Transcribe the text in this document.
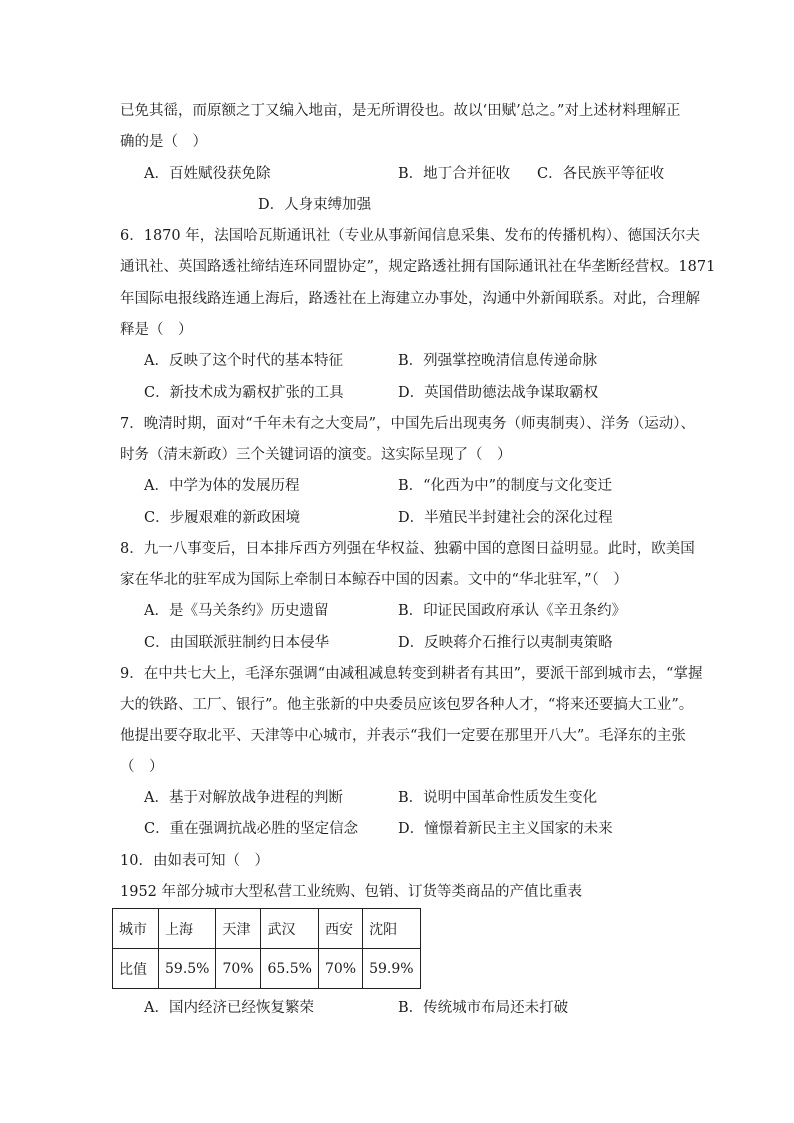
已免其徭，而原额之丁又编入地亩，是无所谓役也。故以‘田赋’总之。”对上述材料理解正
确的是（　）
A．百姓赋役获免除	B．地丁合并征收 C．各民族平等征收
D．人身束缚加强
6．1870 年，法国哈瓦斯通讯社（专业从事新闻信息采集、发布的传播机构）、德国沃尔夫
通讯社、英国路透社缔结连环同盟协定”，规定路透社拥有国际通讯社在华垄断经营权。1871
年国际电报线路连通上海后，路透社在上海建立办事处，沟通中外新闻联系。对此，合理解
释是（　）
A．反映了这个时代的基本特征	B．列强掌控晚清信息传递命脉
C．新技术成为霸权扩张的工具	D．英国借助德法战争谋取霸权
7．晚清时期，面对“千年未有之大变局”，中国先后出现夷务（师夷制夷）、洋务（运动）、
时务（清末新政）三个关键词语的演变。这实际呈现了（　）
A．中学为体的发展历程	B．“化西为中”的制度与文化变迁
C．步履艰难的新政困境	D．半殖民半封建社会的深化过程
8．九一八事变后，日本排斥西方列强在华权益、独霸中国的意图日益明显。此时，欧美国
家在华北的驻军成为国际上牵制日本鲸吞中国的因素。文中的“华北驻军，”（　）
A．是《马关条约》历史遗留	B．印证民国政府承认《辛丑条约》
C．由国联派驻制约日本侵华	D．反映蒋介石推行以夷制夷策略
9．在中共七大上，毛泽东强调“由减租减息转变到耕者有其田”，要派干部到城市去，“掌握
大的铁路、工厂、银行”。他主张新的中央委员应该包罗各种人才，“将来还要搞大工业”。
他提出要夺取北平、天津等中心城市，并表示“我们一定要在那里开八大”。毛泽东的主张
（　）
A．基于对解放战争进程的判断	B．说明中国革命性质发生变化
C．重在强调抗战必胜的坚定信念	D．憧憬着新民主主义国家的未来
10．由如表可知（　）
1952 年部分城市大型私营工业统购、包销、订货等类商品的产值比重表
城市	上海	天津	武汉	西安	沈阳
比值	59.5%	70%	65.5%	70%	59.9%
A．国内经济已经恢复繁荣	B．传统城市布局还未打破
